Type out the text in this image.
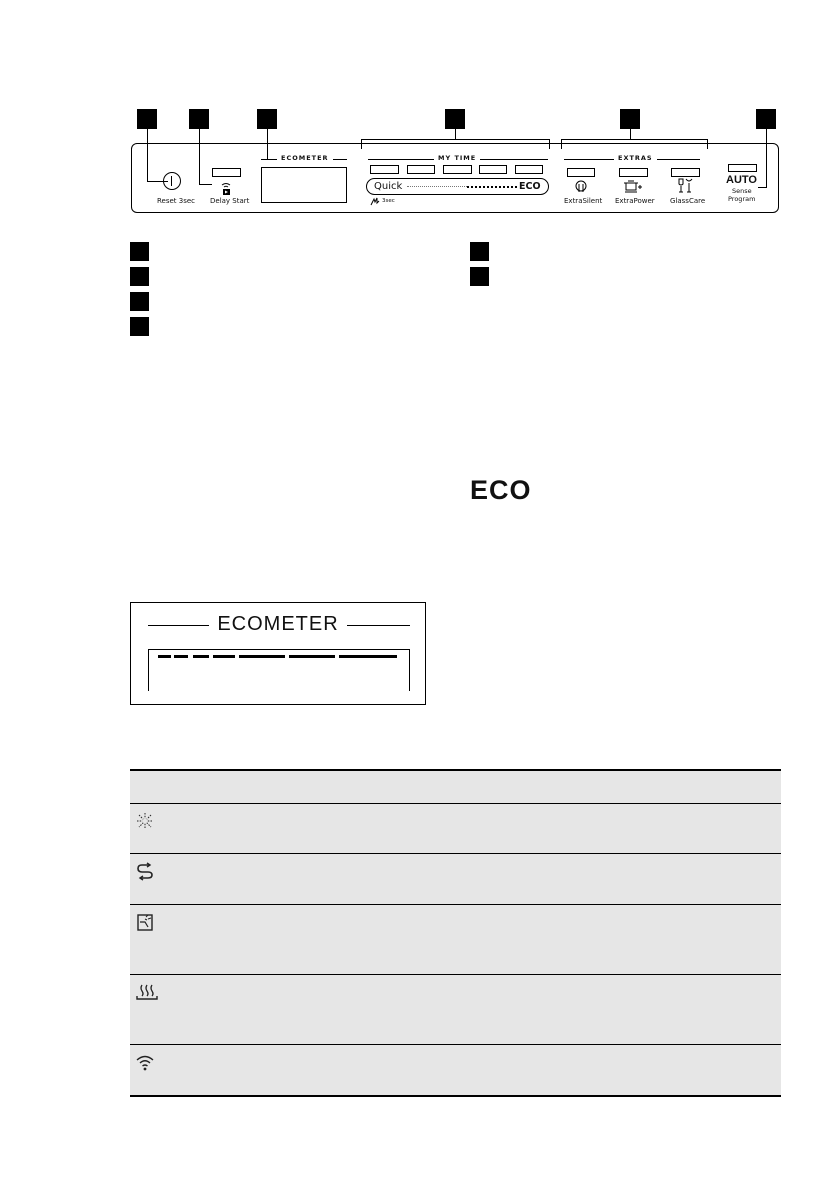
Reset 3sec Delay Start
ECOMETER	MY TIME
Quick	ECO
3sec
EXTRAS
ExtraSilent ExtraPower GlassCare
AUTO
Sense
Program
ECO
ECOMETER
